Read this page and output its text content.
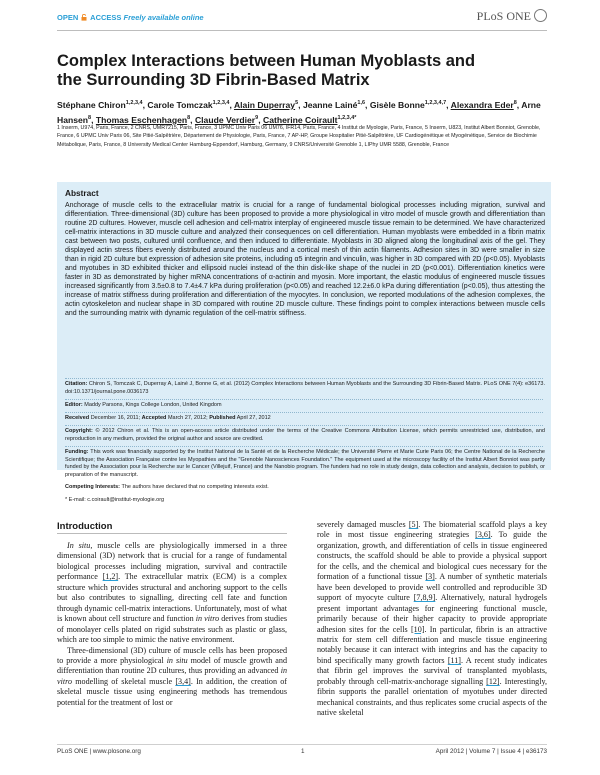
OPEN ACCESS Freely available online	PLoS ONE
Complex Interactions between Human Myoblasts and
the Surrounding 3D Fibrin-Based Matrix
Stéphane Chiron$^{1,2,3,4}$, Carole Tomczak$^{1,2,3,4}$, Alain Duperray$^5$, Jeanne Lainé$^{1,6}$, Gisèle Bonne$^{1,2,3,4,7}$, Alexandra Eder$^8$, Arne Hansen$^8$, Thomas Eschenhagen$^8$, Claude Verdier$^9$, Catherine Coirault$^{1,2,3,4*}$
1 Inserm, U974, Paris, France, 2 CNRS, UMR7215, Paris, France, 3 UPMC Univ Paris 06 UM76, IFR14, Paris, France, 4 Institut de Myologie, Paris, France, 5 Inserm, U823, Institut Albert Bonniot, Grenoble, France, 6 UPMC Univ Paris 06, Site Pitié-Salpêtrière, Département de Physiologie, Paris, France, 7 AP-HP, Groupe Hospitalier Pitié-Salpêtrière, UF Cardiogénétique et Myogénétique, Service de Biochimie Métabolique, Paris, France, 8 University Medical Center Hamburg-Eppendorf, Hamburg, Germany, 9 CNRS/Université Grenoble 1, LIPhy UMR 5588, Grenoble, France
Abstract
Anchorage of muscle cells to the extracellular matrix is crucial for a range of fundamental biological processes including migration, survival and differentiation. Three-dimensional (3D) culture has been proposed to provide a more physiological in vitro model of muscle growth and differentiation than routine 2D cultures. However, muscle cell adhesion and cell-matrix interplay of engineered muscle tissue remain to be determined. We have characterized cell-matrix interactions in 3D muscle culture and analyzed their consequences on cell differentiation. Human myoblasts were embedded in a fibrin matrix cast between two posts, cultured until confluence, and then induced to differentiate. Myoblasts in 3D aligned along the longitudinal axis of the gel. They displayed actin stress fibers evenly distributed around the nucleus and a cortical mesh of thin actin filaments. Adhesion sites in 3D were smaller in size than in rigid 2D culture but expression of adhesion site proteins, including α5 integrin and vinculin, was higher in 3D compared with 2D (p<0.05). Myoblasts and myotubes in 3D exhibited thicker and ellipsoid nuclei instead of the thin disk-like shape of the nuclei in 2D (p<0.001). Differentiation kinetics were faster in 3D as demonstrated by higher mRNA concentrations of α-actinin and myosin. More important, the elastic modulus of engineered muscle tissues increased significantly from 3.5±0.8 to 7.4±4.7 kPa during proliferation (p<0.05) and reached 12.2±6.0 kPa during differentiation (p<0.05), thus attesting the increase of matrix stiffness during proliferation and differentiation of the myocytes. In conclusion, we reported modulations of the adhesion complexes, the actin cytoskeleton and nuclear shape in 3D compared with routine 2D muscle culture. These findings point to complex interactions between muscle cells and the surrounding matrix with dynamic regulation of the cell-matrix stiffness.
Citation: Chiron S, Tomczak C, Duperray A, Lainé J, Bonne G, et al. (2012) Complex Interactions between Human Myoblasts and the Surrounding 3D Fibrin-Based Matrix. PLoS ONE 7(4): e36173. doi:10.1371/journal.pone.0036173
Editor: Maddy Parsons, Kings College London, United Kingdom
Received December 16, 2011; Accepted March 27, 2012; Published April 27, 2012
Copyright: © 2012 Chiron et al. This is an open-access article distributed under the terms of the Creative Commons Attribution License, which permits unrestricted use, distribution, and reproduction in any medium, provided the original author and source are credited.
Funding: This work was financially supported by the Institut National de la Santé et de la Recherche Médicale; the Université Pierre et Marie Curie Paris 06; the Centre National de la Recherche Scientifique; the Association Française contre les Myopathies and the "Grenoble Nanosciences Foundation." The equipment used at the microscopy facility of the Institut Albert Bonniot was partly funded by the Association pour la Recherche sur le Cancer (Villejuif, France) and the Nanobio program. The funders had no role in study design, data collection and analysis, decision to publish, or preparation of the manuscript.
Competing Interests: The authors have declared that no competing interests exist.
* E-mail: c.coirault@institut-myologie.org
Introduction

In situ, muscle cells are physiologically immersed in a three dimensional (3D) network that is crucial for a range of fundamental biological processes including migration, survival and contractile performance [1,2]. The extracellular matrix (ECM) is a complex structure which provides structural and anchoring support to the cells but also contributes to signalling, directing cell fate and function through dynamic cell-matrix interactions. Unfortunately, most of what is known about cell structure and function in vitro derives from studies of monolayer cells plated on rigid substrates such as plastic or glass, which are too simple to mimic the native environment.

Three-dimensional (3D) culture of muscle cells has been proposed to provide a more physiological in situ model of muscle growth and differentiation than routine 2D cultures, thus providing an advanced in vitro modelling of skeletal muscle [3,4]. In addition, the creation of skeletal muscle tissue using engineering methods has tremendous potential for the treatment of lost or

severely damaged muscles [5]. The biomaterial scaffold plays a key role in most tissue engineering strategies [3,6]. To guide the organization, growth, and differentiation of cells in tissue engineered constructs, the scaffold should be able to provide a physical support for the cells, and the chemical and biological cues necessary for the formation of a functional tissue [3]. A number of synthetic materials have been developed to provide well controlled and reproducible 3D support of myocyte culture [7,8,9]. Alternatively, natural hydrogels present important advantages for engineering functional muscle, primarily because of their higher capacity to provide appropriate adhesion sites for the cells [10]. In particular, fibrin is an attractive matrix for stem cell differentiation and muscle tissue engineering notably because it can interact with integrins and has the capacity to bind specifically many growth factors [11]. A recent study indicates that fibrin gel improves the survival of transplanted myoblasts, probably through cell-matrix-anchorage signalling [12]. Interestingly, fibrin supports the parallel orientation of myotubes under directed mechanical constraints, and thus replicates some crucial aspects of the native skeletal

PLoS ONE | www.plosone.org	1	April 2012 | Volume 7 | Issue 4 | e36173
